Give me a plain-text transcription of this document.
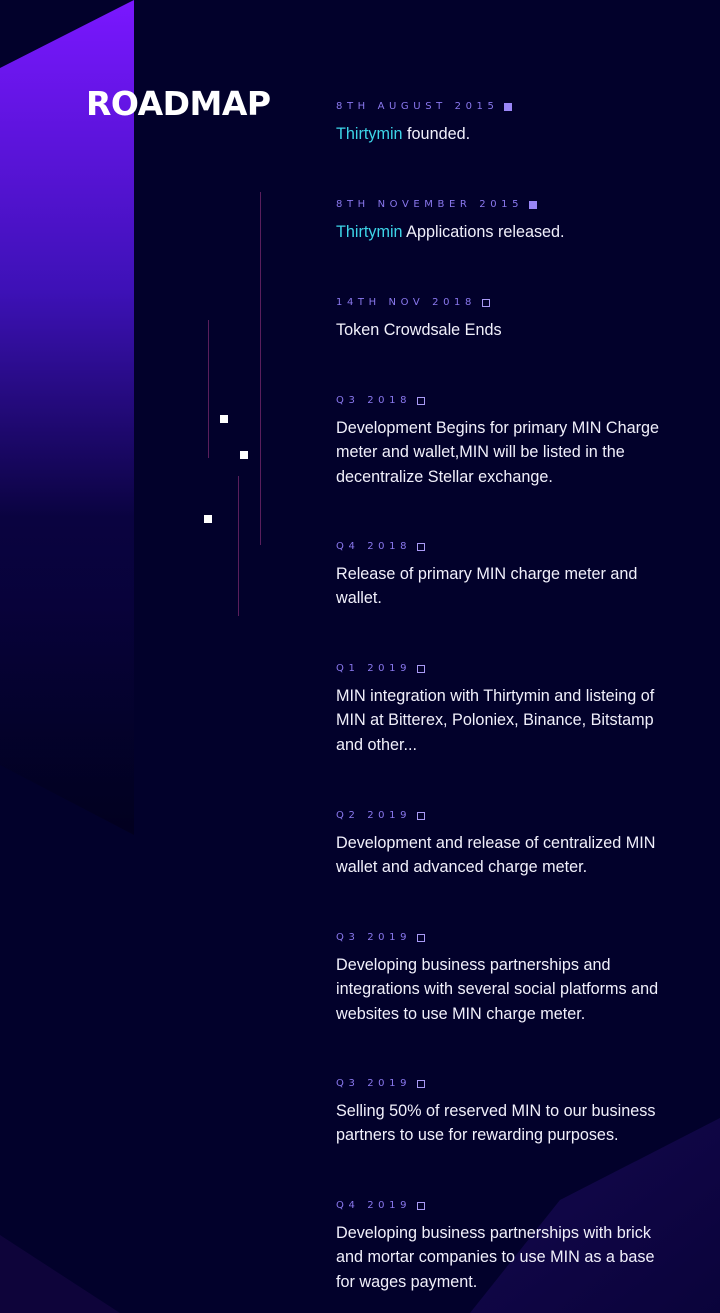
ROADMAP	8TH AUGUST 2015
Thirtymin founded.
8TH NOVEMBER 2015
Thirtymin Applications released.
14TH NOV 2018
Token Crowdsale Ends
Q3 2018
Development Begins for primary MIN Charge meter and wallet,MIN will be listed in the decentralize Stellar exchange.
Q4 2018
Release of primary MIN charge meter and wallet.
Q1 2019
MIN integration with Thirtymin and listeing of MIN at Bitterex, Poloniex, Binance, Bitstamp and other...
Q2 2019
Development and release of centralized MIN wallet and advanced charge meter.
Q3 2019
Developing business partnerships and integrations with several social platforms and websites to use MIN charge meter.
Q3 2019
Selling 50% of reserved MIN to our business partners to use for rewarding purposes.
Q4 2019
Developing business partnerships with brick and mortar companies to use MIN as a base for wages payment.
